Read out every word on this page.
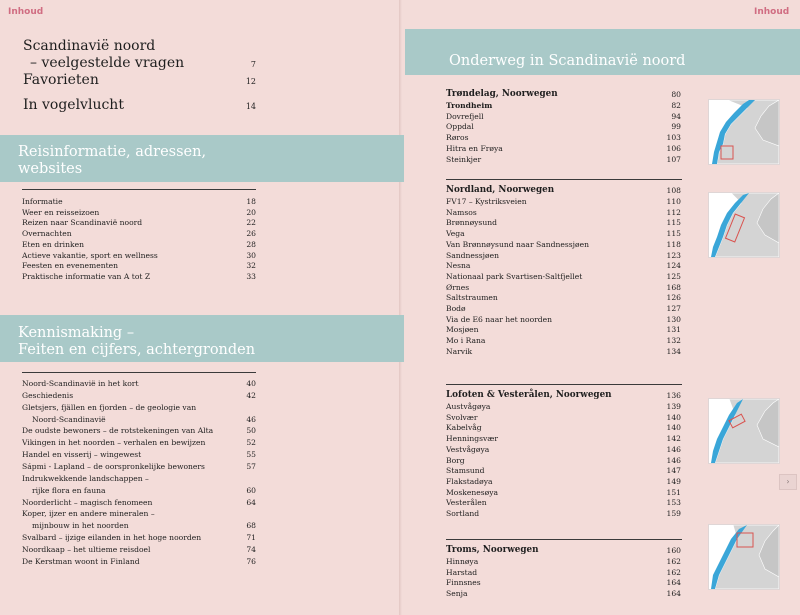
Inhoud
Scandinavië noord
– veelgestelde vragen	7
Favorieten	12
In vogelvlucht	14
Reisinformatie, adressen,
websites
Informatie	18
Weer en reisseizoen	20
Reizen naar Scandinavië noord	22
Overnachten	26
Eten en drinken	28
Actieve vakantie, sport en wellness	30
Feesten en evenementen	32
Praktische informatie van A tot Z	33
Kennismaking –
Feiten en cijfers, achtergronden
Noord-Scandinavië in het kort	40
Geschiedenis	42
Gletsjers, fjällen en fjorden – de geologie van
Noord-Scandinavië	46
De oudste bewoners – de rotstekeningen van Alta	50
Vikingen in het noorden – verhalen en bewijzen	52
Handel en visserij – wingewest	55
Sápmi - Lapland – de oorspronkelijke bewoners	57
Indrukwekkende landschappen –
rijke flora en fauna	60
Noorderlicht – magisch fenomeen	64
Koper, ijzer en andere mineralen –
mijnbouw in het noorden	68
Svalbard – ijzige eilanden in het hoge noorden	71
Noordkaap – het ultieme reisdoel	74
De Kerstman woont in Finland	76
Inhoud
Onderweg in Scandinavië noord
Trøndelag, Noorwegen	80
Trondheim	82
Dovrefjell	94
Oppdal	99
Røros	103
Hitra en Frøya	106
Steinkjer	107
Nordland, Noorwegen	108
FV17 – Kystriksveien	110
Namsos	112
Brønnøysund	115
Vega	115
Van Brønnøysund naar Sandnessjøen	118
Sandnessjøen	123
Nesna	124
Nationaal park Svartisen-Saltfjellet	125
Ørnes	168
Saltstraumen	126
Bodø	127
Via de E6 naar het noorden	130
Mosjøen	131
Mo i Rana	132
Narvik	134
Lofoten & Vesterålen, Noorwegen	136
Austvågøya	139
Svolvær	140
Kabelvåg	140
Henningsvær	142
Vestvågøya	146
Borg	146
Stamsund	147
Flakstadøya	149
Moskenesøya	151
Vesterålen	153
Sortland	159
Troms, Noorwegen	160
Hinnøya	162
Harstad	162
Finnsnes	164
Senja	164
›
